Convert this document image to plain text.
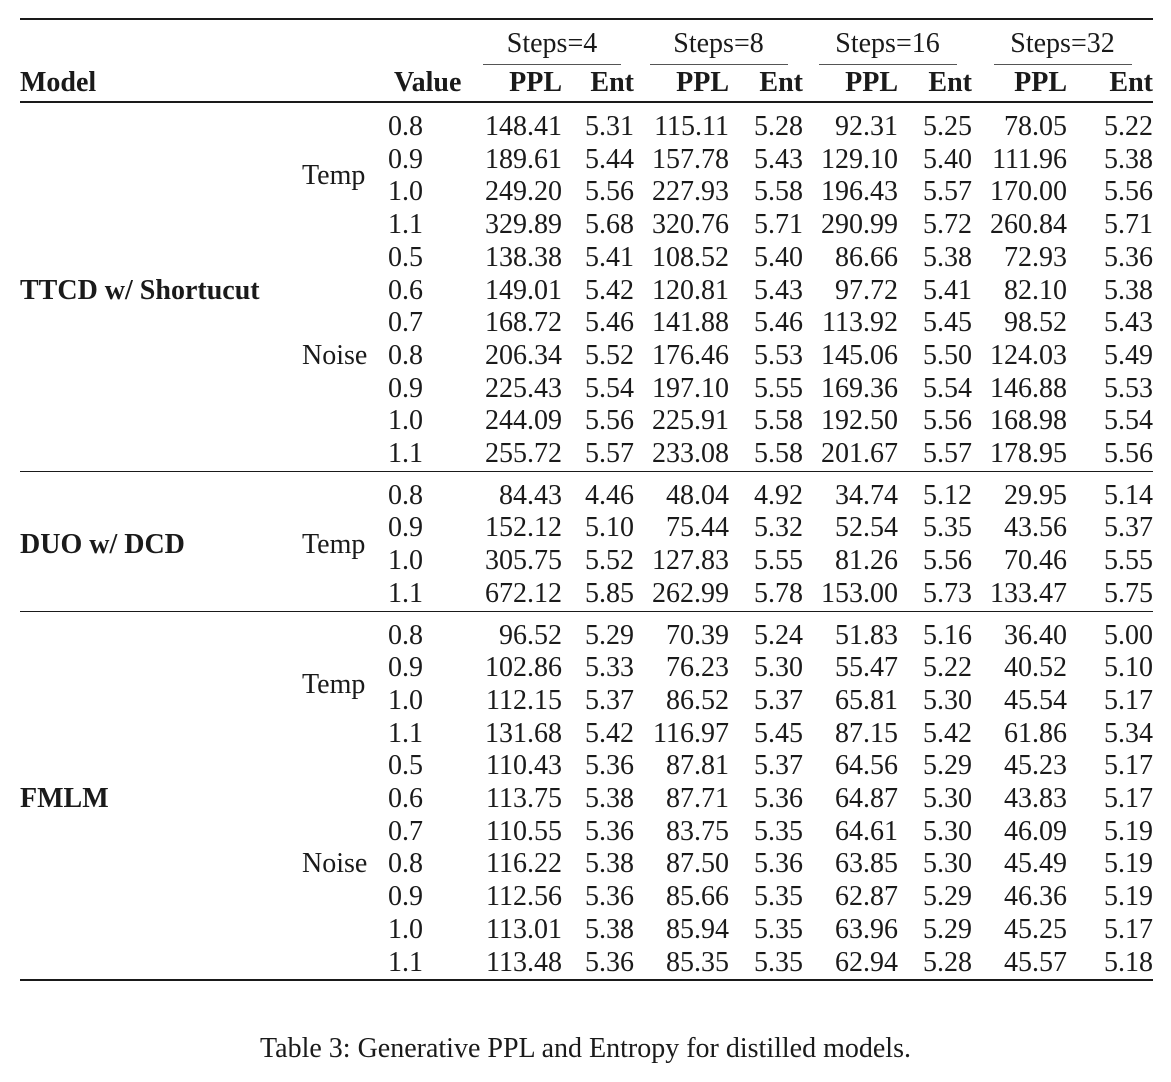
			Steps=4		Steps=8		Steps=16		Steps=32	
Model		Value	PPL	Ent	PPL	Ent	PPL	Ent	PPL	Ent
TTCD w/ Shortucut	Temp	0.8	148.41	5.31	115.11	5.28	92.31	5.25	78.05	5.22
		0.9	189.61	5.44	157.78	5.43	129.10	5.40	111.96	5.38
		1.0	249.20	5.56	227.93	5.58	196.43	5.57	170.00	5.56
		1.1	329.89	5.68	320.76	5.71	290.99	5.72	260.84	5.71
	Noise	0.5	138.38	5.41	108.52	5.40	86.66	5.38	72.93	5.36
		0.6	149.01	5.42	120.81	5.43	97.72	5.41	82.10	5.38
		0.7	168.72	5.46	141.88	5.46	113.92	5.45	98.52	5.43
		0.8	206.34	5.52	176.46	5.53	145.06	5.50	124.03	5.49
		0.9	225.43	5.54	197.10	5.55	169.36	5.54	146.88	5.53
		1.0	244.09	5.56	225.91	5.58	192.50	5.56	168.98	5.54
		1.1	255.72	5.57	233.08	5.58	201.67	5.57	178.95	5.56
DUO w/ DCD	Temp	0.8	84.43	4.46	48.04	4.92	34.74	5.12	29.95	5.14
		0.9	152.12	5.10	75.44	5.32	52.54	5.35	43.56	5.37
		1.0	305.75	5.52	127.83	5.55	81.26	5.56	70.46	5.55
		1.1	672.12	5.85	262.99	5.78	153.00	5.73	133.47	5.75
FMLM	Temp	0.8	96.52	5.29	70.39	5.24	51.83	5.16	36.40	5.00
		0.9	102.86	5.33	76.23	5.30	55.47	5.22	40.52	5.10
		1.0	112.15	5.37	86.52	5.37	65.81	5.30	45.54	5.17
		1.1	131.68	5.42	116.97	5.45	87.15	5.42	61.86	5.34
	Noise	0.5	110.43	5.36	87.81	5.37	64.56	5.29	45.23	5.17
		0.6	113.75	5.38	87.71	5.36	64.87	5.30	43.83	5.17
		0.7	110.55	5.36	83.75	5.35	64.61	5.30	46.09	5.19
		0.8	116.22	5.38	87.50	5.36	63.85	5.30	45.49	5.19
		0.9	112.56	5.36	85.66	5.35	62.87	5.29	46.36	5.19
		1.0	113.01	5.38	85.94	5.35	63.96	5.29	45.25	5.17
		1.1	113.48	5.36	85.35	5.35	62.94	5.28	45.57	5.18
Table 3: Generative PPL and Entropy for distilled models.
